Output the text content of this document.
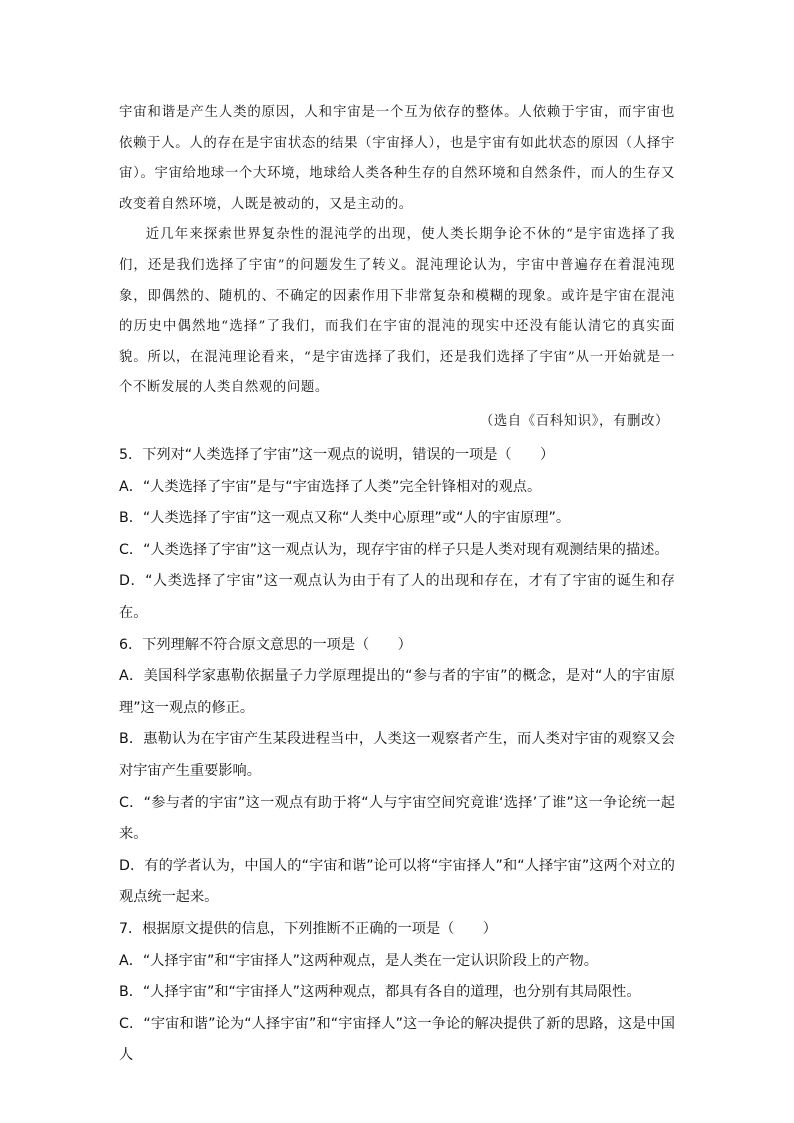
宇宙和谐是产生人类的原因，人和宇宙是一个互为依存的整体。人依赖于宇宙，而宇宙也依赖于人。人的存在是宇宙状态的结果（宇宙择人），也是宇宙有如此状态的原因（人择宇宙）。宇宙给地球一个大环境，地球给人类各种生存的自然环境和自然条件，而人的生存又改变着自然环境，人既是被动的，又是主动的。

近几年来探索世界复杂性的混沌学的出现，使人类长期争论不休的“是宇宙选择了我们，还是我们选择了宇宙”的问题发生了转义。混沌理论认为，宇宙中普遍存在着混沌现象，即偶然的、随机的、不确定的因素作用下非常复杂和模糊的现象。或许是宇宙在混沌的历史中偶然地“选择”了我们，而我们在宇宙的混沌的现实中还没有能认清它的真实面貌。所以，在混沌理论看来，“是宇宙选择了我们，还是我们选择了宇宙”从一开始就是一个不断发展的人类自然观的问题。

（选自《百科知识》，有删改）
5．下列对“人类选择了宇宙”这一观点的说明，错误的一项是（　　）
A．“人类选择了宇宙”是与“宇宙选择了人类”完全针锋相对的观点。
B．“人类选择了宇宙”这一观点又称“人类中心原理”或“人的宇宙原理”。
C．“人类选择了宇宙”这一观点认为，现存宇宙的样子只是人类对现有观测结果的描述。
D．“人类选择了宇宙”这一观点认为由于有了人的出现和存在，才有了宇宙的诞生和存在。
6．下列理解不符合原文意思的一项是（　　）
A．美国科学家惠勒依据量子力学原理提出的“参与者的宇宙”的概念，是对“人的宇宙原理”这一观点的修正。
B．惠勒认为在宇宙产生某段进程当中，人类这一观察者产生，而人类对宇宙的观察又会对宇宙产生重要影响。
C．“参与者的宇宙”这一观点有助于将“人与宇宙空间究竟谁‘选择’了谁”这一争论统一起来。
D．有的学者认为，中国人的“宇宙和谐”论可以将“宇宙择人”和“人择宇宙”这两个对立的观点统一起来。
7．根据原文提供的信息，下列推断不正确的一项是（　　）
A．“人择宇宙”和“宇宙择人”这两种观点，是人类在一定认识阶段上的产物。
B．“人择宇宙”和“宇宙择人”这两种观点，都具有各自的道理，也分别有其局限性。
C．“宇宙和谐”论为“人择宇宙”和“宇宙择人”这一争论的解决提供了新的思路，这是中国人
